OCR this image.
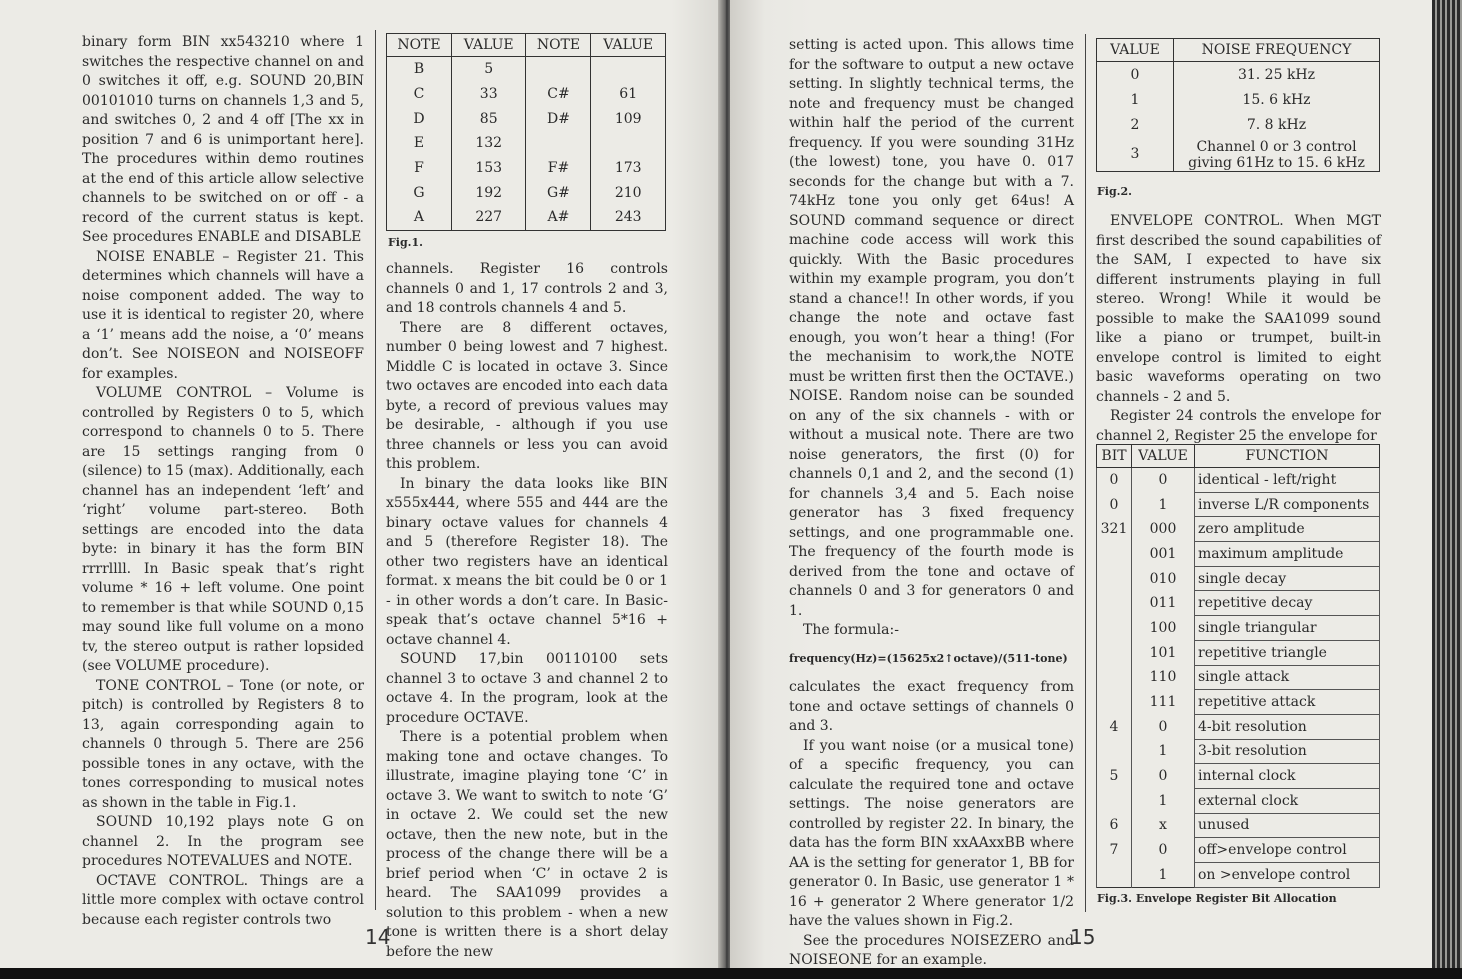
binary form BIN xx543210 where 1 switches the respective channel on and 0 switches it off, e.g. SOUND 20,BIN 00101010 turns on channels 1,3 and 5, and switches 0, 2 and 4 off [The xx in position 7 and 6 is unimportant here]. The procedures within demo routines at the end of this article allow selective channels to be switched on or off - a record of the current status is kept. See procedures ENABLE and DISABLE

NOISE ENABLE – Register 21. This determines which channels will have a noise component added. The way to use it is identical to register 20, where a ‘1’ means add the noise, a ‘0’ means don’t. See NOISEON and NOISEOFF for examples.

VOLUME CONTROL – Volume is controlled by Registers 0 to 5, which correspond to channels 0 to 5. There are 15 settings ranging from 0 (silence) to 15 (max). Additionally, each channel has an independent ‘left’ and ‘right’ volume part-stereo. Both settings are encoded into the data byte: in binary it has the form BIN rrrrllll. In Basic speak that’s right volume * 16 + left volume. One point to remember is that while SOUND 0,15 may sound like full volume on a mono tv, the stereo output is rather lopsided (see VOLUME procedure).

TONE CONTROL – Tone (or note, or pitch) is controlled by Registers 8 to 13, again corresponding again to channels 0 through 5. There are 256 possible tones in any octave, with the tones corresponding to musical notes as shown in the table in Fig.1.

SOUND 10,192 plays note G on channel 2. In the program see procedures NOTEVALUES and NOTE.

OCTAVE CONTROL. Things are a little more complex with octave control because each register controls two

NOTE	VALUE	NOTE	VALUE
B	5		
C	33	C#	61
D	85	D#	109
E	132		
F	153	F#	173
G	192	G#	210
A	227	A#	243
Fig.1.

channels. Register 16 controls channels 0 and 1, 17 controls 2 and 3, and 18 controls channels 4 and 5.

There are 8 different octaves, number 0 being lowest and 7 highest. Middle C is located in octave 3. Since two octaves are encoded into each data byte, a record of previous values may be desirable, - although if you use three channels or less you can avoid this problem.

In binary the data looks like BIN x555x444, where 555 and 444 are the binary octave values for channels 4 and 5 (therefore Register 18). The other two registers have an identical format. x means the bit could be 0 or 1 - in other words a don’t care. In Basic-speak that’s octave channel 5*16 + octave channel 4.

SOUND 17,bin 00110100 sets channel 3 to octave 3 and channel 2 to octave 4. In the program, look at the procedure OCTAVE.

There is a potential problem when making tone and octave changes. To illustrate, imagine playing tone ‘C’ in octave 3. We want to switch to note ‘G’ in octave 2. We could set the new octave, then the new note, but in the process of the change there will be a brief period when ‘C’ in octave 2 is heard. The SAA1099 provides a solution to this problem - when a new tone is written there is a short delay before the new

14

setting is acted upon. This allows time for the software to output a new octave setting. In slightly technical terms, the note and frequency must be changed within half the period of the current frequency. If you were sounding 31Hz (the lowest) tone, you have 0. 017 seconds for the change but with a 7. 74kHz tone you only get 64us! A SOUND command sequence or direct machine code access will work this quickly. With the Basic procedures within my example program, you don’t stand a chance!! In other words, if you change the note and octave fast enough, you won’t hear a thing! (For the mechanisim to work,the NOTE must be written first then the OCTAVE.)

NOISE. Random noise can be sounded on any of the six channels - with or without a musical note. There are two noise generators, the first (0) for channels 0,1 and 2, and the second (1) for channels 3,4 and 5. Each noise generator has 3 fixed frequency settings, and one programmable one. The frequency of the fourth mode is derived from the tone and octave of channels 0 and 3 for generators 0 and 1.

The formula:-

frequency(Hz)=(15625x2↑octave)/(511-tone)

calculates the exact frequency from tone and octave settings of channels 0 and 3.

If you want noise (or a musical tone) of a specific frequency, you can calculate the required tone and octave settings. The noise generators are controlled by register 22. In binary, the data has the form BIN xxAAxxBB where AA is the setting for generator 1, BB for generator 0. In Basic, use generator 1 * 16 + generator 2 Where generator 1/2 have the values shown in Fig.2.

See the procedures NOISEZERO and NOISEONE for an example.

VALUE	NOISE FREQUENCY
0	31. 25 kHz
1	15. 6 kHz
2	7. 8 kHz
3	Channel 0 or 3 control giving 61Hz to 15. 6 kHz
Fig.2.

ENVELOPE CONTROL. When MGT first described the sound capabilities of the SAM, I expected to have six different instruments playing in full stereo. Wrong! While it would be possible to make the SAA1099 sound like a piano or trumpet, built-in envelope control is limited to eight basic waveforms operating on two channels - 2 and 5.

Register 24 controls the envelope for channel 2, Register 25 the envelope for

BIT	VALUE	FUNCTION
0	0	identical - left/right
0	1	inverse L/R components
321	000	zero amplitude
	001	maximum amplitude
	010	single decay
	011	repetitive decay
	100	single triangular
	101	repetitive triangle
	110	single attack
	111	repetitive attack
4	0	4-bit resolution
	1	3-bit resolution
5	0	internal clock
	1	external clock
6	x	unused
7	0	off>envelope control
	1	on >envelope control
Fig.3. Envelope Register Bit Allocation
15
